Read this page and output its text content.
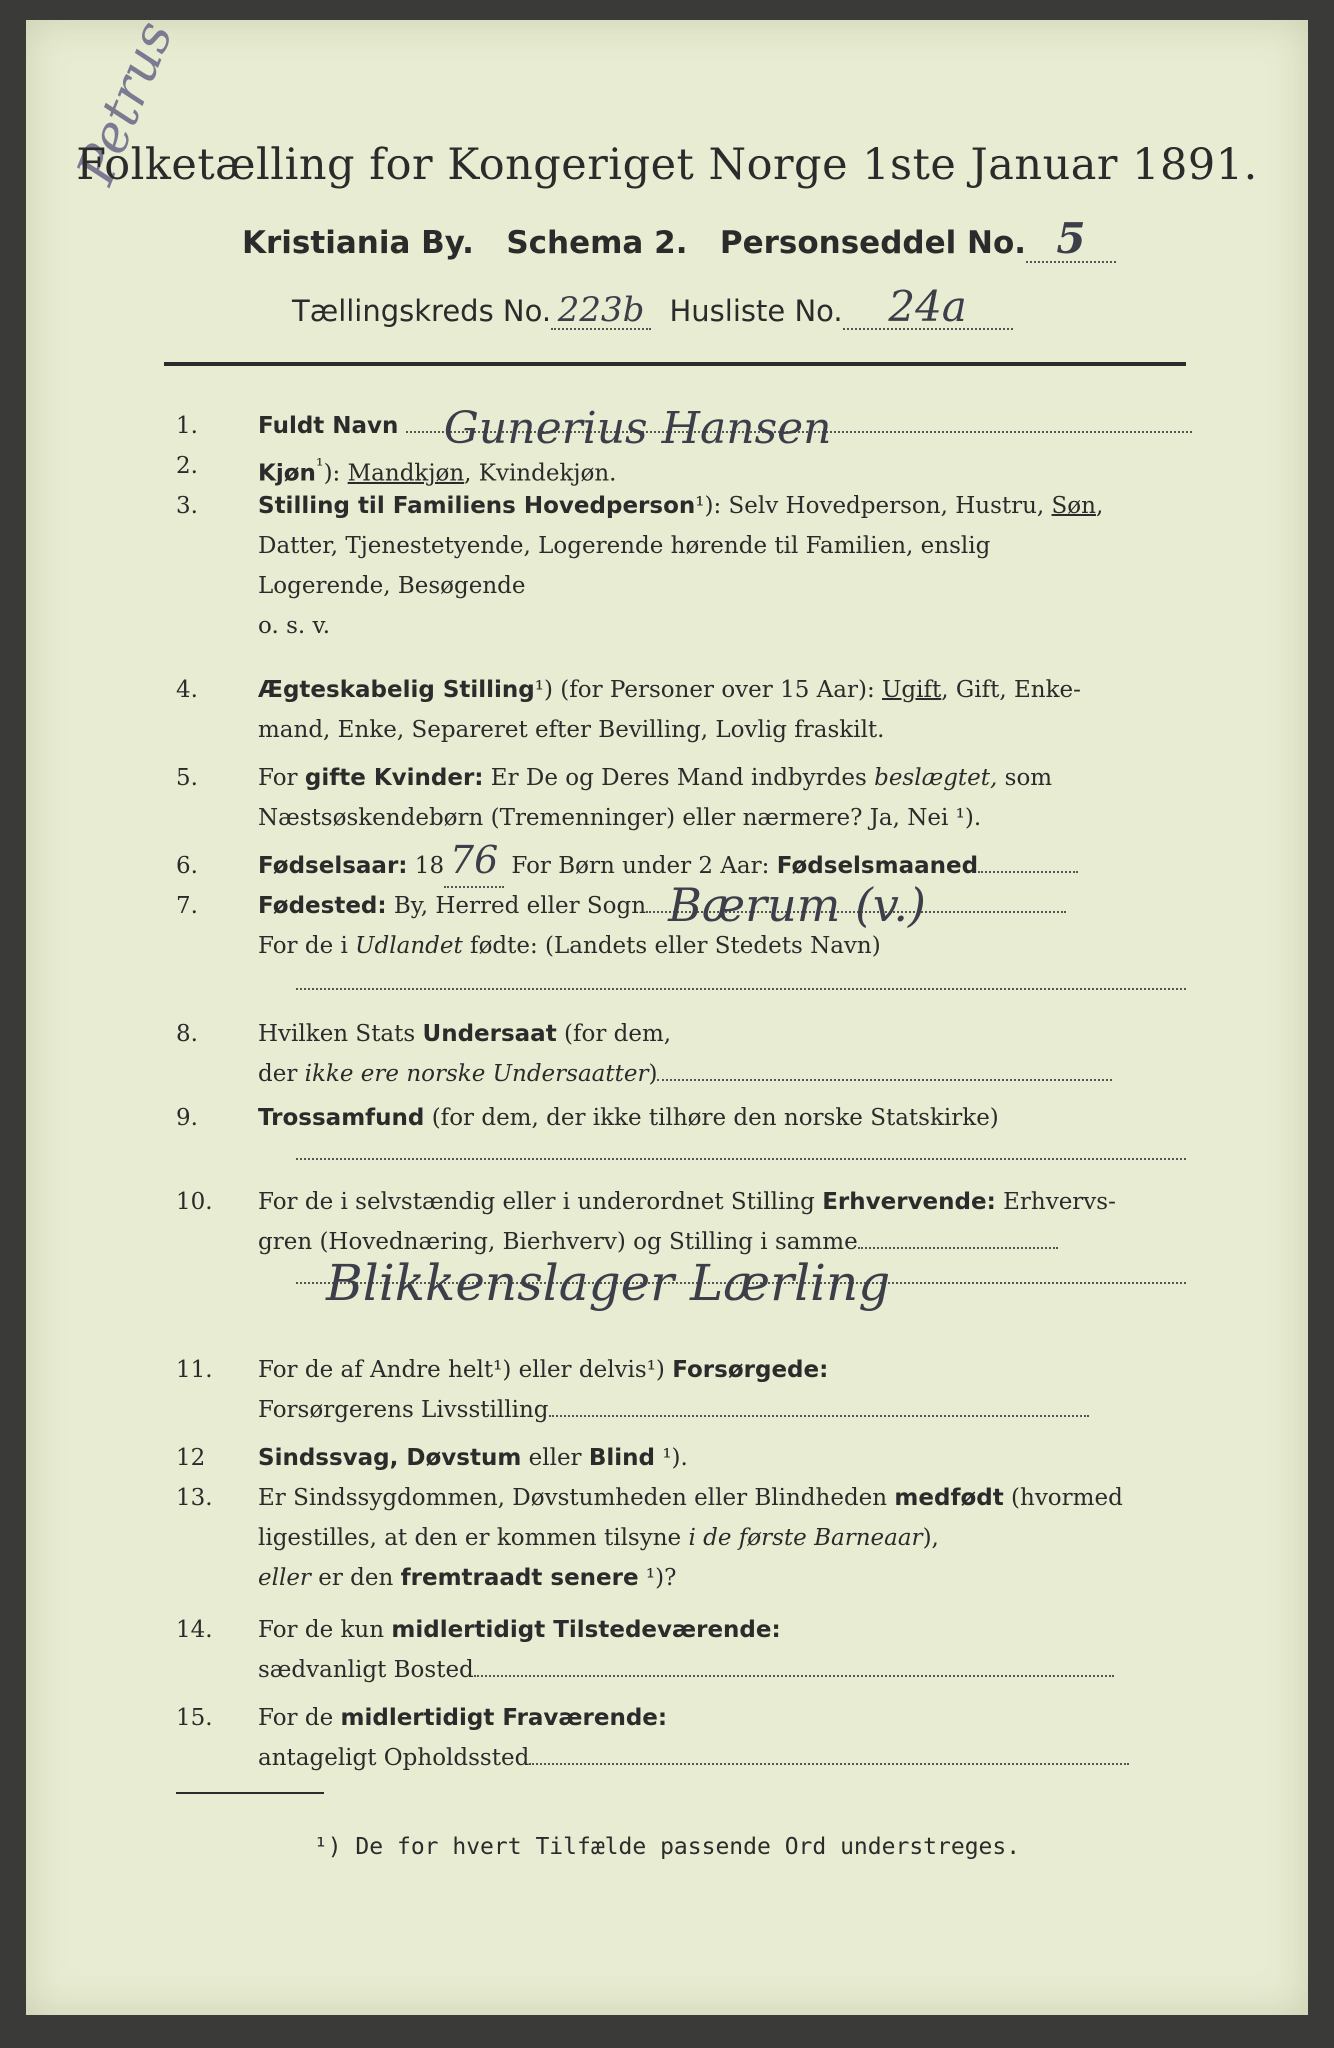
Petrus
Folketælling for Kongeriget Norge 1ste Januar 1891.
Kristiania By. Schema 2. Personseddel No. 5
Tællingskreds No. 223b Husliste No. 24a
1.	Fuldt Navn Gunerius Hansen
2.	Kjøn$^{^1}$): Mandkjøn, Kvindekjøn.
3.	Stilling til Familiens Hovedperson¹): Selv Hovedperson, Hustru, Søn,
Datter, Tjenestetyende, Logerende hørende til Familien, enslig
Logerende, Besøgende
o. s. v.
4.	Ægteskabelig Stilling¹) (for Personer over 15 Aar): Ugift, Gift, Enke-
mand, Enke, Separeret efter Bevilling, Lovlig fraskilt.
5.	For gifte Kvinder: Er De og Deres Mand indbyrdes beslægtet, som
Næstsøskendebørn (Tremenninger) eller nærmere? Ja, Nei ¹).
6.	Fødselsaar: 18 76 For Børn under 2 Aar: Fødselsmaaned
7.	Fødested: By, Herred eller Sogn Bærum (v.)
For de i Udlandet fødte: (Landets eller Stedets Navn)
8.	Hvilken Stats Undersaat (for dem,
der ikke ere norske Undersaatter)
9.	Trossamfund (for dem, der ikke tilhøre den norske Statskirke)
10. For de i selvstændig eller i underordnet Stilling Erhvervende: Erhvervs-
gren (Hovednæring, Bierhverv) og Stilling i samme
Blikkenslager Lærling
11. For de af Andre helt¹) eller delvis¹) Forsørgede:
Forsørgerens Livsstilling
12	Sindssvag, Døvstum eller Blind ¹).
13. Er Sindssygdommen, Døvstumheden eller Blindheden medfødt (hvormed
ligestilles, at den er kommen tilsyne i de første Barneaar),
eller er den fremtraadt senere ¹)?
14. For de kun midlertidigt Tilstedeværende:
sædvanligt Bosted
15. For de midlertidigt Fraværende:
antageligt Opholdssted
¹) De for hvert Tilfælde passende Ord understreges.
